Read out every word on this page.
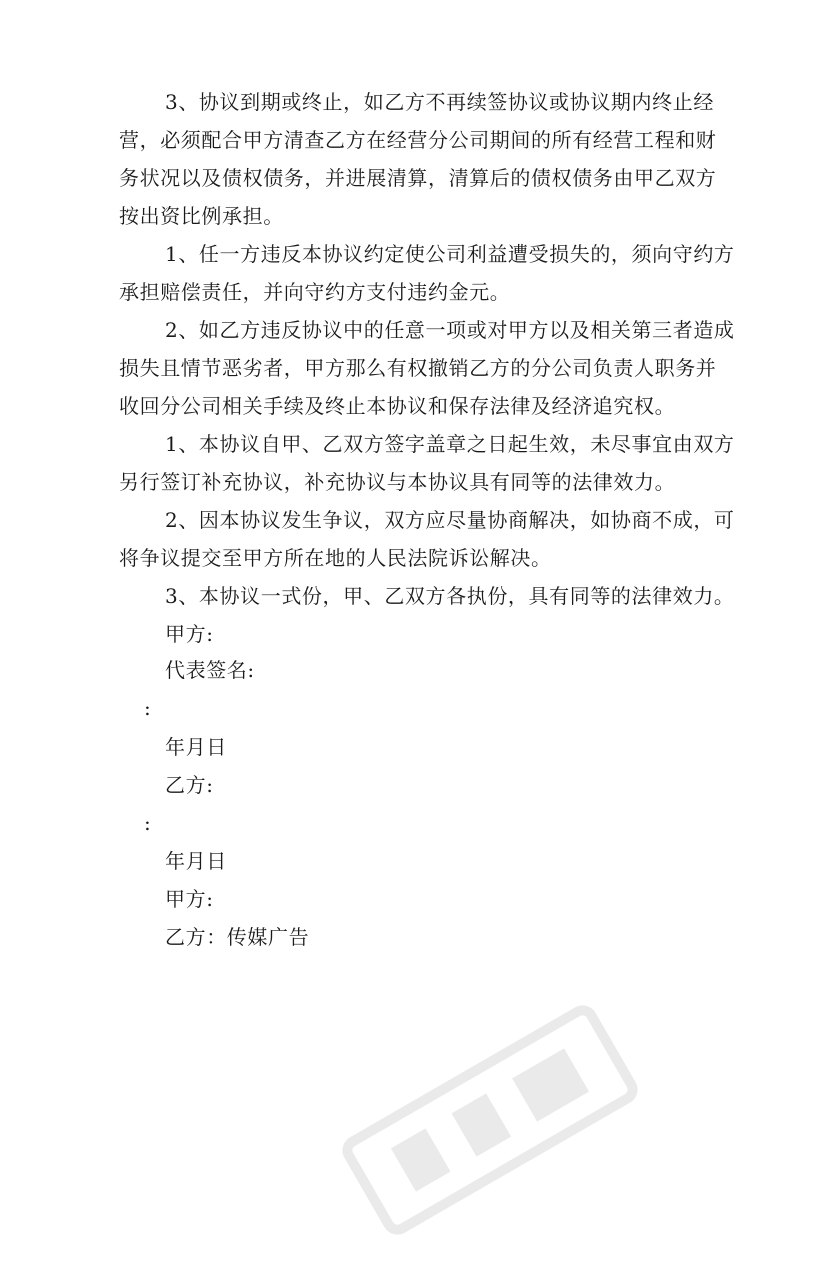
3、协议到期或终止，如乙方不再续签协议或协议期内终止经
营，必须配合甲方清查乙方在经营分公司期间的所有经营工程和财
务状况以及债权债务，并进展清算，清算后的债权债务由甲乙双方
按出资比例承担。
1、任一方违反本协议约定使公司利益遭受损失的，须向守约方
承担赔偿责任，并向守约方支付违约金元。
2、如乙方违反协议中的任意一项或对甲方以及相关第三者造成
损失且情节恶劣者，甲方那么有权撤销乙方的分公司负责人职务并
收回分公司相关手续及终止本协议和保存法律及经济追究权。
1、本协议自甲、乙双方签字盖章之日起生效，未尽事宜由双方
另行签订补充协议，补充协议与本协议具有同等的法律效力。
2、因本协议发生争议，双方应尽量协商解决，如协商不成，可
将争议提交至甲方所在地的人民法院诉讼解决。
3、本协议一式份，甲、乙双方各执份，具有同等的法律效力。
甲方:
代表签名:
:
年月日
乙方:
:
年月日
甲方:
乙方：传媒广告
